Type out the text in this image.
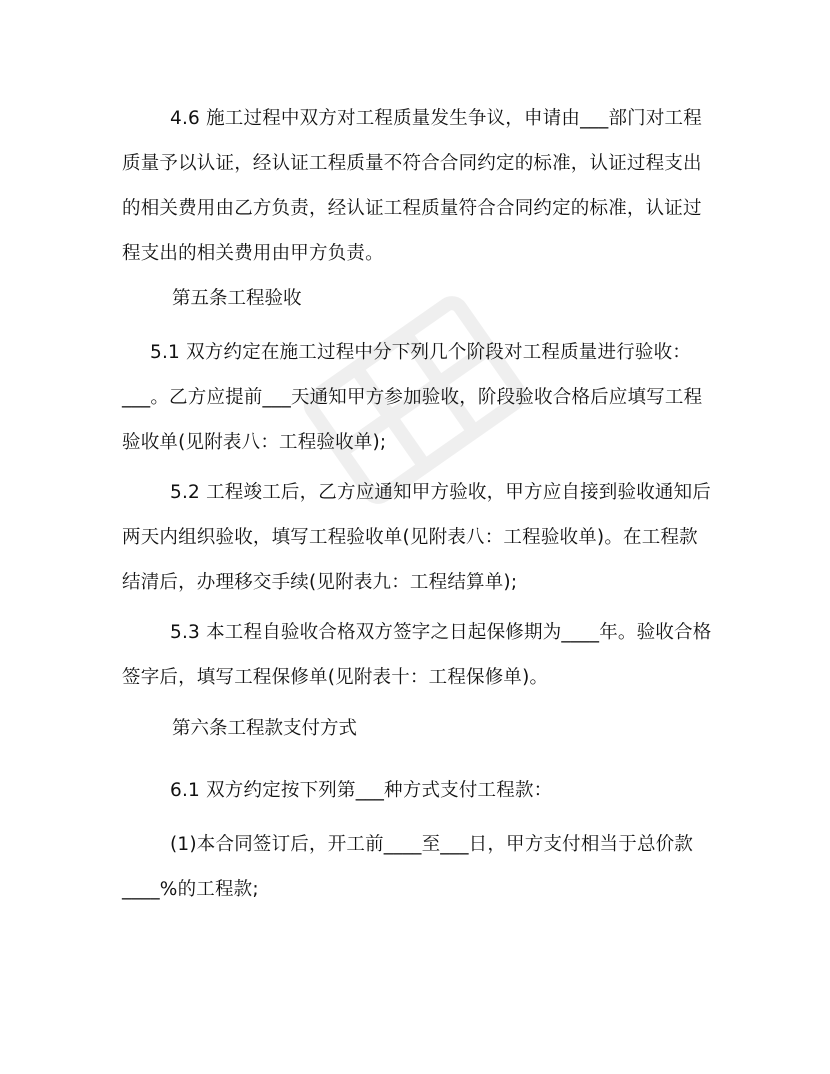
4.6 施工过程中双方对工程质量发生争议，申请由___部门对工程质量予以认证，经认证工程质量不符合合同约定的标准，认证过程支出的相关费用由乙方负责，经认证工程质量符合合同约定的标准，认证过程支出的相关费用由甲方负责。

第五条工程验收

5.1 双方约定在施工过程中分下列几个阶段对工程质量进行验收：___。乙方应提前___天通知甲方参加验收，阶段验收合格后应填写工程验收单(见附表八：工程验收单);

5.2 工程竣工后，乙方应通知甲方验收，甲方应自接到验收通知后两天内组织验收，填写工程验收单(见附表八：工程验收单)。在工程款结清后，办理移交手续(见附表九：工程结算单);

5.3 本工程自验收合格双方签字之日起保修期为____年。验收合格签字后，填写工程保修单(见附表十：工程保修单)。

第六条工程款支付方式

6.1 双方约定按下列第___种方式支付工程款：

(1)本合同签订后，开工前____至___日，甲方支付相当于总价款____%的工程款;
